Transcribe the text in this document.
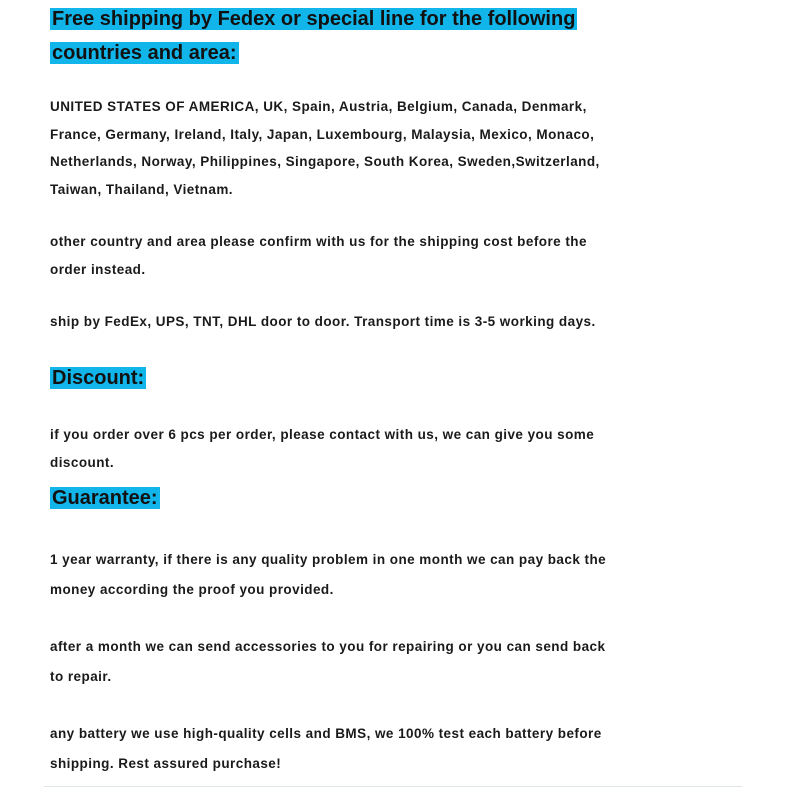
Free shipping by Fedex or special line for the following
countries and area:

UNITED STATES OF AMERICA, UK, Spain, Austria, Belgium, Canada, Denmark,
France, Germany, Ireland, Italy, Japan, Luxembourg, Malaysia, Mexico, Monaco,
Netherlands, Norway, Philippines, Singapore, South Korea, Sweden,Switzerland,
Taiwan, Thailand, Vietnam.

other country and area please confirm with us for the shipping cost before the
order instead.

ship by FedEx, UPS, TNT, DHL door to door. Transport time is 3-5 working days.

Discount:

if you order over 6 pcs per order, please contact with us, we can give you some
discount.

Guarantee:

1 year warranty, if there is any quality problem in one month we can pay back the
money according the proof you provided.

after a month we can send accessories to you for repairing or you can send back
to repair.

any battery we use high-quality cells and BMS, we 100% test each battery before
shipping. Rest assured purchase!
